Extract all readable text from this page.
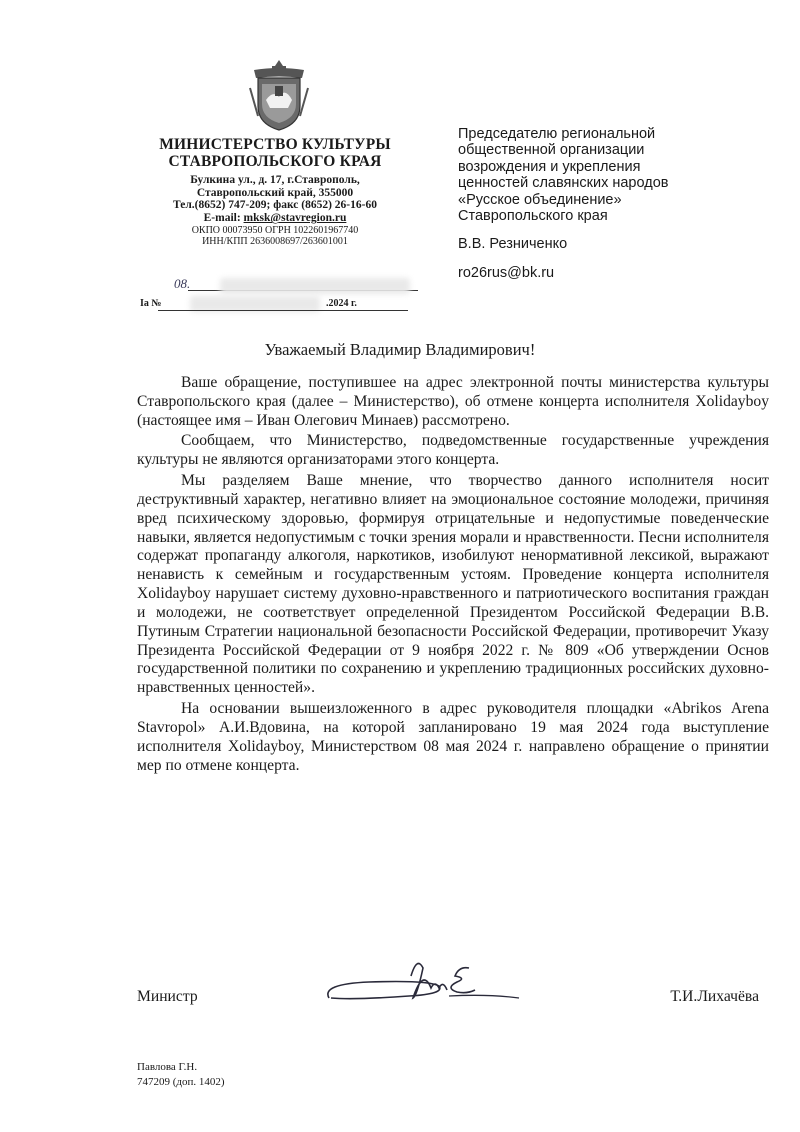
МИНИСТЕРСТВО КУЛЬТУРЫ
СТАВРОПОЛЬСКОГО КРАЯ
Булкина ул., д. 17, г.Ставрополь,
Ставропольский край, 355000
Тел.(8652) 747-209; факс (8652) 26-16-60
E-mail: mksk@stavregion.ru
ОКПО 00073950 ОГРН 1022601967740
ИНН/КПП 2636008697/263601001
08.
Ia №	.2024 г.
Председателю региональной
общественной организации
возрождения и укрепления
ценностей славянских народов
«Русское объединение»
Ставропольского края
В.В. Резниченко
ro26rus@bk.ru
Уважаемый Владимир Владимирович!

Ваше обращение, поступившее на адрес электронной почты министерства культуры Ставропольского края (далее – Министерство), об отмене концерта исполнителя Xolidayboy (настоящее имя – Иван Олегович Минаев) рассмотрено.

Сообщаем, что Министерство, подведомственные государственные учреждения культуры не являются организаторами этого концерта.

Мы разделяем Ваше мнение, что творчество данного исполнителя носит деструктивный характер, негативно влияет на эмоциональное состояние молодежи, причиняя вред психическому здоровью, формируя отрицательные и недопустимые поведенческие навыки, является недопустимым с точки зрения морали и нравственности. Песни исполнителя содержат пропаганду алкоголя, наркотиков, изобилуют ненормативной лексикой, выражают ненависть к семейным и государственным устоям. Проведение концерта исполнителя Xolidayboy нарушает систему духовно-нравственного и патриотического воспитания граждан и молодежи, не соответствует определенной Президентом Российской Федерации В.В. Путиным Стратегии национальной безопасности Российской Федерации, противоречит Указу Президента Российской Федерации от 9 ноября 2022 г. № 809 «Об утверждении Основ государственной политики по сохранению и укреплению традиционных российских духовно-нравственных ценностей».

На основании вышеизложенного в адрес руководителя площадки «Abrikos Arena Stavropol» А.И.Вдовина, на которой запланировано 19 мая 2024 года выступление исполнителя Xolidayboy, Министерством 08 мая 2024 г. направлено обращение о принятии мер по отмене концерта.

Министр	Т.И.Лихачёва
Павлова Г.Н.
747209 (доп. 1402)
